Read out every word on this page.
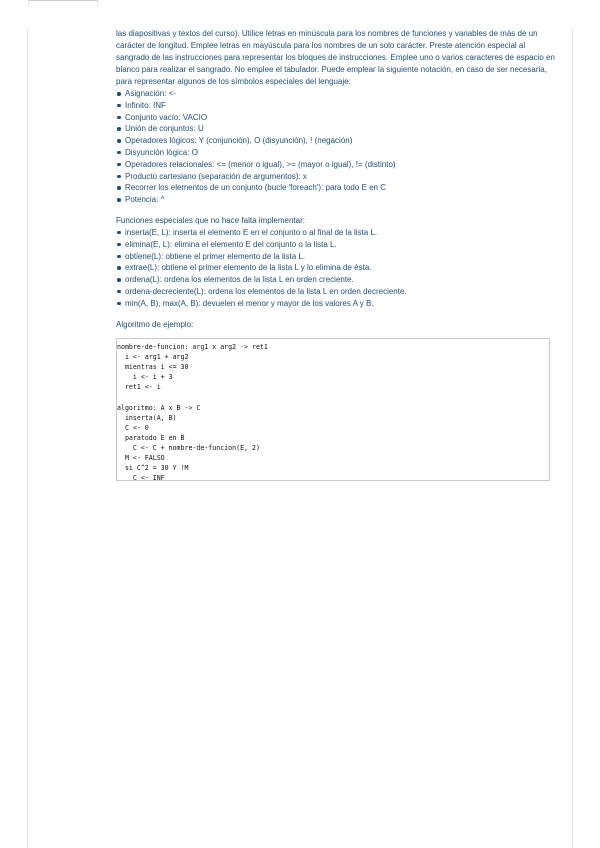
las diapositivas y textos del curso). Utilice letras en minúscula para los nombres de funciones y variables de más de un carácter de longitud. Emplee letras en mayúscula para los nombres de un solo carácter. Preste atención especial al sangrado de las instrucciones para representar los bloques de instrucciones. Emplee uno o varios caracteres de espacio en blanco para realizar el sangrado. No emplee el tabulador. Puede emplear la siguiente notación, en caso de ser necesaria, para representar algunos de los símbolos especiales del lenguaje:

Asignación: <-
Infinito: INF
Conjunto vacío: VACIO
Unión de conjuntos: U
Operadores lógicos: Y (conjunción), O (disyunción), ! (negación)
Disyunción lógica: O
Operadores relacionales: <= (menor o igual), >= (mayor o igual), != (distinto)
Producto cartesiano (separación de argumentos): x
Recorrer los elementos de un conjunto (bucle 'foreach'): para todo E en C
Potencia: ^

Funciones especiales que no hace falta implementar:

inserta(E, L): inserta el elemento E en el conjunto o al final de la lista L.
elimina(E, L): elimina el elemento E del conjunto o la lista L.
obtiene(L): obtiene el primer elemento de la lista L.
extrae(L): obtiene el primer elemento de la lista L y lo elimina de ésta.
ordena(L): ordena los elementos de la lista L en orden creciente.
ordena-decreciente(L): ordena los elementos de la lista L en orden decreciente.
min(A, B), max(A, B): devuelen el menor y mayor de los valores A y B.

Algoritmo de ejemplo:

nombre-de-funcion: arg1 x arg2 -> ret1
i <- arg1 + arg2
mientras i <= 30
i <- i + 3
ret1 <- i

algoritmo: A x B -> C
inserta(A, B)
C <- 0
paratodo E en B
C <- C + nombre-de-funcion(E, 2)
M <- FALSO
si C^2 = 30 Y !M
C <- INF
